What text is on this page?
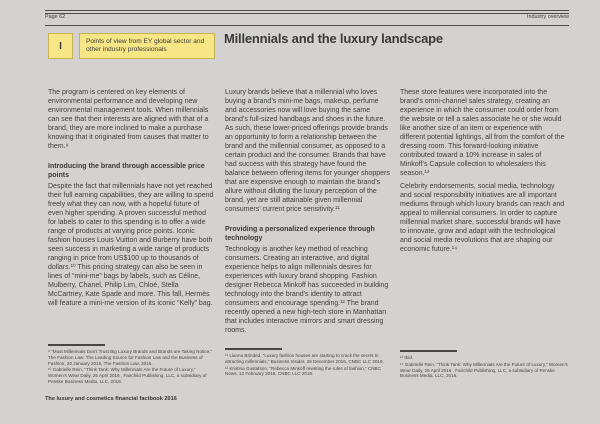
Page 62	Industry overview
I	Points of view from EY global sector and other industry professionals
Millennials and the luxury landscape

The program is centered on key elements of environmental performance and developing new environmental management tools. When millennials can see that their interests are aligned with that of a brand, they are more inclined to make a purchase knowing that it originated from causes that matter to them.⁹

Introducing the brand through accessible price points

Despite the fact that millennials have not yet reached their full earning capabilities, they are willing to spend freely what they can now, with a hopeful future of even higher spending. A proven successful method for labels to cater to this spending is to offer a wide range of products at varying price points. Iconic fashion houses Louis Vuitton and Burberry have both seen success in marketing a wide range of products ranging in price from US$100 up to thousands of dollars.¹⁰ This pricing strategy can also be seen in lines of “mini-me” bags by labels, such as Céline, Mulberry, Chanel, Philip Lim, Chloé, Stella McCartney, Kate Spade and more. This fall, Hermès will feature a mini-me version of its iconic “Kelly” bag.

⁹ “Most Millennials Don’t Trust Big Luxury Brands and Brands are Taking Notice,” The Fashion Law: The Leading Source for Fashion Law and the Business of Fashion, 20 January 2016, The Fashion Law, 2016.

¹⁰ Gabrielle Rein, “Think Tank: Why Millennials Are the Future of Luxury,” Women’s Wear Daily, 25 April 2016 , Fairchild Publishing, LLC, a subsidiary of Penske Business Media, LLC, 2016.

Luxury brands believe that a millennial who loves buying a brand’s mini-me bags, makeup, perfume and accessories now will love buying the same brand’s full-sized handbags and shoes in the future. As such, these lower-priced offerings provide brands an opportunity to form a relationship between the brand and the millennial consumer, as opposed to a certain product and the consumer. Brands that have had success with this strategy have found the balance between offering items for younger shoppers that are expensive enough to maintain the brand’s allure without diluting the luxury perception of the brand, yet are still attainable given millennial consumers’ current price sensitivity.¹¹

Providing a personalized experience through technology

Technology is another key method of reaching consumers. Creating an interactive, and digital experience helps to align millennials desires for experiences with luxury brand shopping. Fashion designer Rebecca Minkoff has succeeded in building technology into the brand’s identity to attract consumers and encourage spending.¹² The brand recently opened a new high-tech store in Manhattan that includes interactive mirrors and smart dressing rooms.

¹¹ Lianna Brinded, “Luxury fashion houses are starting to crack the secret to attracting millennials,” Business Insider, 26 December 2016, CNBC LLC 2016.

¹² Kristina Gustafson, “Rebecca Minkoff rewriting the rules of fashion,” CNBC News, 12 February 2016, CNBC LLC 2016.

These store features were incorporated into the brand’s omni-channel sales strategy, creating an experience in which the consumer could order from the website or tell a sales associate he or she would like another size of an item or experience with different potential lightings, all from the comfort of the dressing room. This forward-looking initiative contributed toward a 10% increase in sales of Minkoff’s Capsule collection to wholesalers this season.¹³

Celebrity endorsements, social media, technology and social responsibility initiatives are all important mediums through which luxury brands can reach and appeal to millennial consumers. In order to capture millennial market share, successful brands will have to innovate, grow and adapt with the technological and social media revolutions that are shaping our economic future.¹⁴

¹³ Ibid.

¹⁴ Gabrielle Rein, “Think Tank: Why Millennials Are the Future of Luxury,” Women’s Wear Daily, 25 April 2016 , Fairchild Publishing, LLC, a subsidiary of Penske Business Media, LLC, 2016.

The luxury and cosmetics financial factbook 2016
